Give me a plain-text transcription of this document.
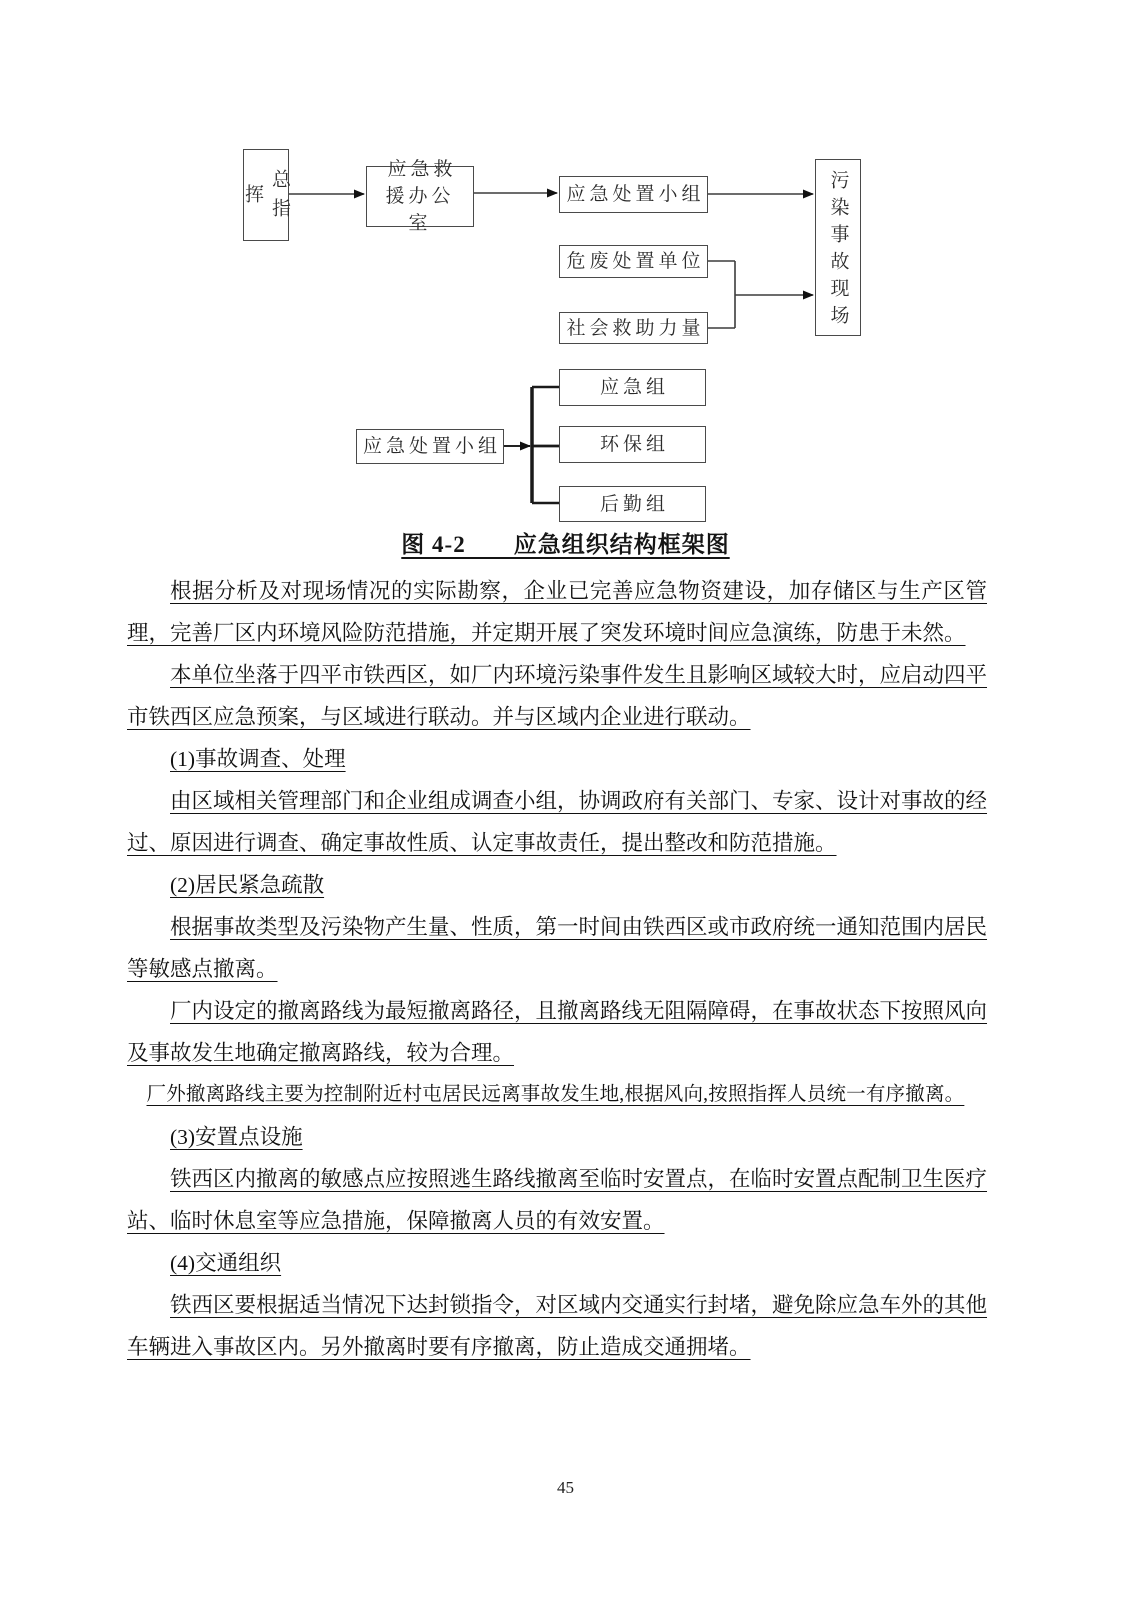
总指挥
应急救援办公室
应急处置小组
危废处置单位
社会救助力量	污染事故现场
应急处置小组
应急组
环保组
后勤组
图 4-2　　应急组织结构框架图

根据分析及对现场情况的实际勘察，企业已完善应急物资建设，加存储区与生产区管理，完善厂区内环境风险防范措施，并定期开展了突发环境时间应急演练，防患于未然。

本单位坐落于四平市铁西区，如厂内环境污染事件发生且影响区域较大时，应启动四平市铁西区应急预案，与区域进行联动。并与区域内企业进行联动。

(1)事故调查、处理

由区域相关管理部门和企业组成调查小组，协调政府有关部门、专家、设计对事故的经过、原因进行调查、确定事故性质、认定事故责任，提出整改和防范措施。

(2)居民紧急疏散

根据事故类型及污染物产生量、性质，第一时间由铁西区或市政府统一通知范围内居民等敏感点撤离。

厂内设定的撤离路线为最短撤离路径，且撤离路线无阻隔障碍，在事故状态下按照风向及事故发生地确定撤离路线，较为合理。

厂外撤离路线主要为控制附近村屯居民远离事故发生地,根据风向,按照指挥人员统一有序撤离。

(3)安置点设施

铁西区内撤离的敏感点应按照逃生路线撤离至临时安置点，在临时安置点配制卫生医疗站、临时休息室等应急措施，保障撤离人员的有效安置。

(4)交通组织

铁西区要根据适当情况下达封锁指令，对区域内交通实行封堵，避免除应急车外的其他车辆进入事故区内。另外撤离时要有序撤离，防止造成交通拥堵。

45
